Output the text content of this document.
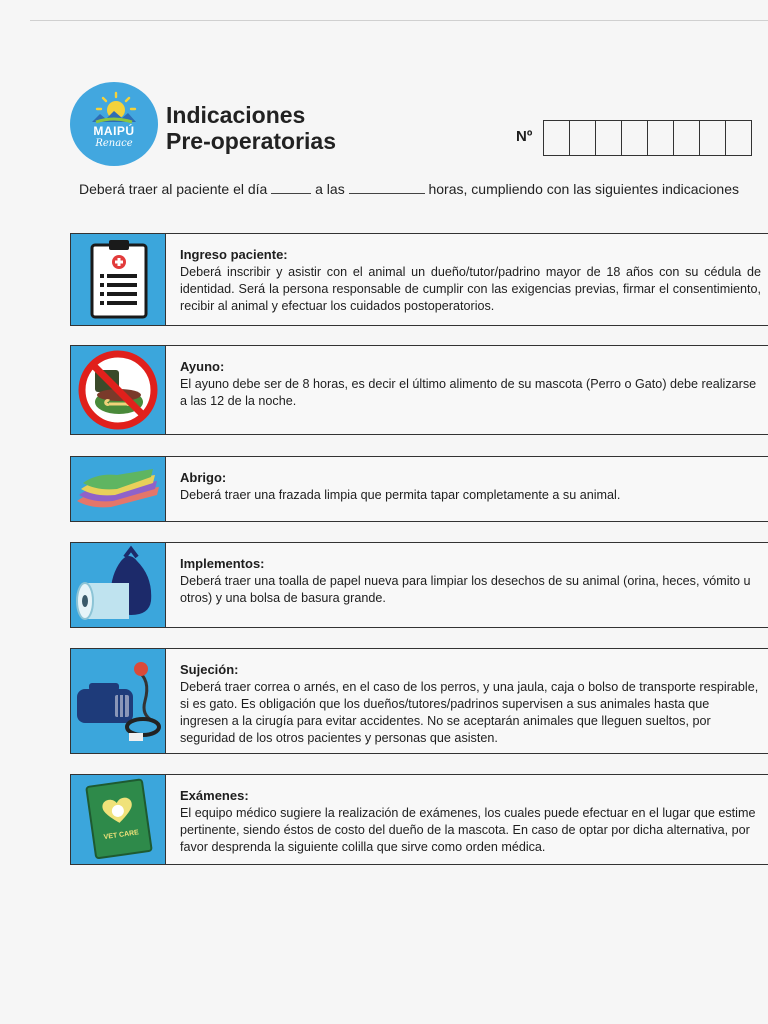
MAIPÚ
Renace
Indicaciones
Pre-operatorias	Nº
Deberá traer al paciente el día	a las	horas, cumpliendo con las siguientes indicaciones
Ingreso paciente:
Deberá inscribir y asistir con el animal un dueño/tutor/padrino mayor de 18 años con su cédula de identidad. Será la persona responsable de cumplir con las exigencias previas, firmar el consentimiento, recibir al animal y efectuar los cuidados postoperatorios.
Ayuno:
El ayuno debe ser de 8 horas, es decir el último alimento de su mascota (Perro o Gato) debe realizarse a las 12 de la noche.
Abrigo:
Deberá traer una frazada limpia que permita tapar completamente a su animal.
Implementos:
Deberá traer una toalla de papel nueva para limpiar los desechos de su animal (orina, heces, vómito u otros) y una bolsa de basura grande.
Sujeción:
Deberá traer correa o arnés, en el caso de los perros, y una jaula, caja o bolso de transporte respirable, si es gato. Es obligación que los dueños/tutores/padrinos supervisen a sus animales hasta que ingresen a la cirugía para evitar accidentes. No se aceptarán animales que lleguen sueltos, por seguridad de los otros pacientes y personas que asisten.
VET CARE
Exámenes:
El equipo médico sugiere la realización de exámenes, los cuales puede efectuar en el lugar que estime pertinente, siendo éstos de costo del dueño de la mascota. En caso de optar por dicha alternativa, por favor desprenda la siguiente colilla que sirve como orden médica.
